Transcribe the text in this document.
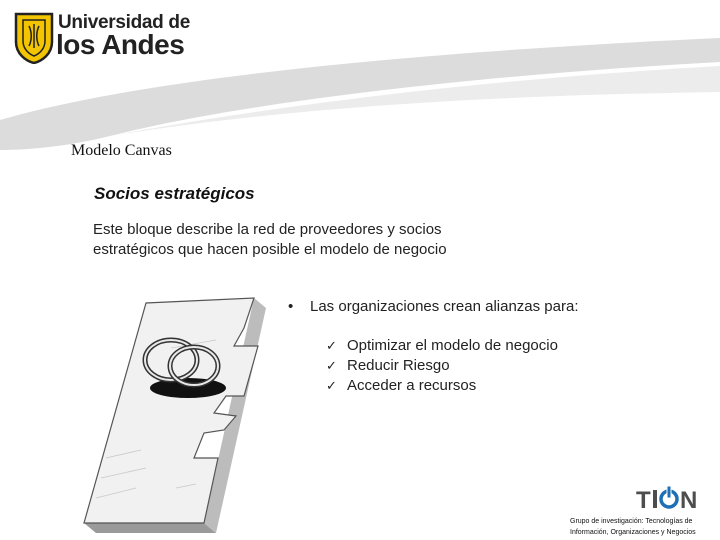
Universidad de
los Andes
Modelo Canvas
Socios estratégicos
Este bloque describe la red de proveedores y socios
estratégicos que hacen posible el modelo de negocio
• Las organizaciones crean alianzas para:
✓ Optimizar el modelo de negocio
✓ Reducir Riesgo
✓ Acceder a recursos
T N
Grupo de investigación: Tecnologías de
Información, Organizaciones y Negocios
